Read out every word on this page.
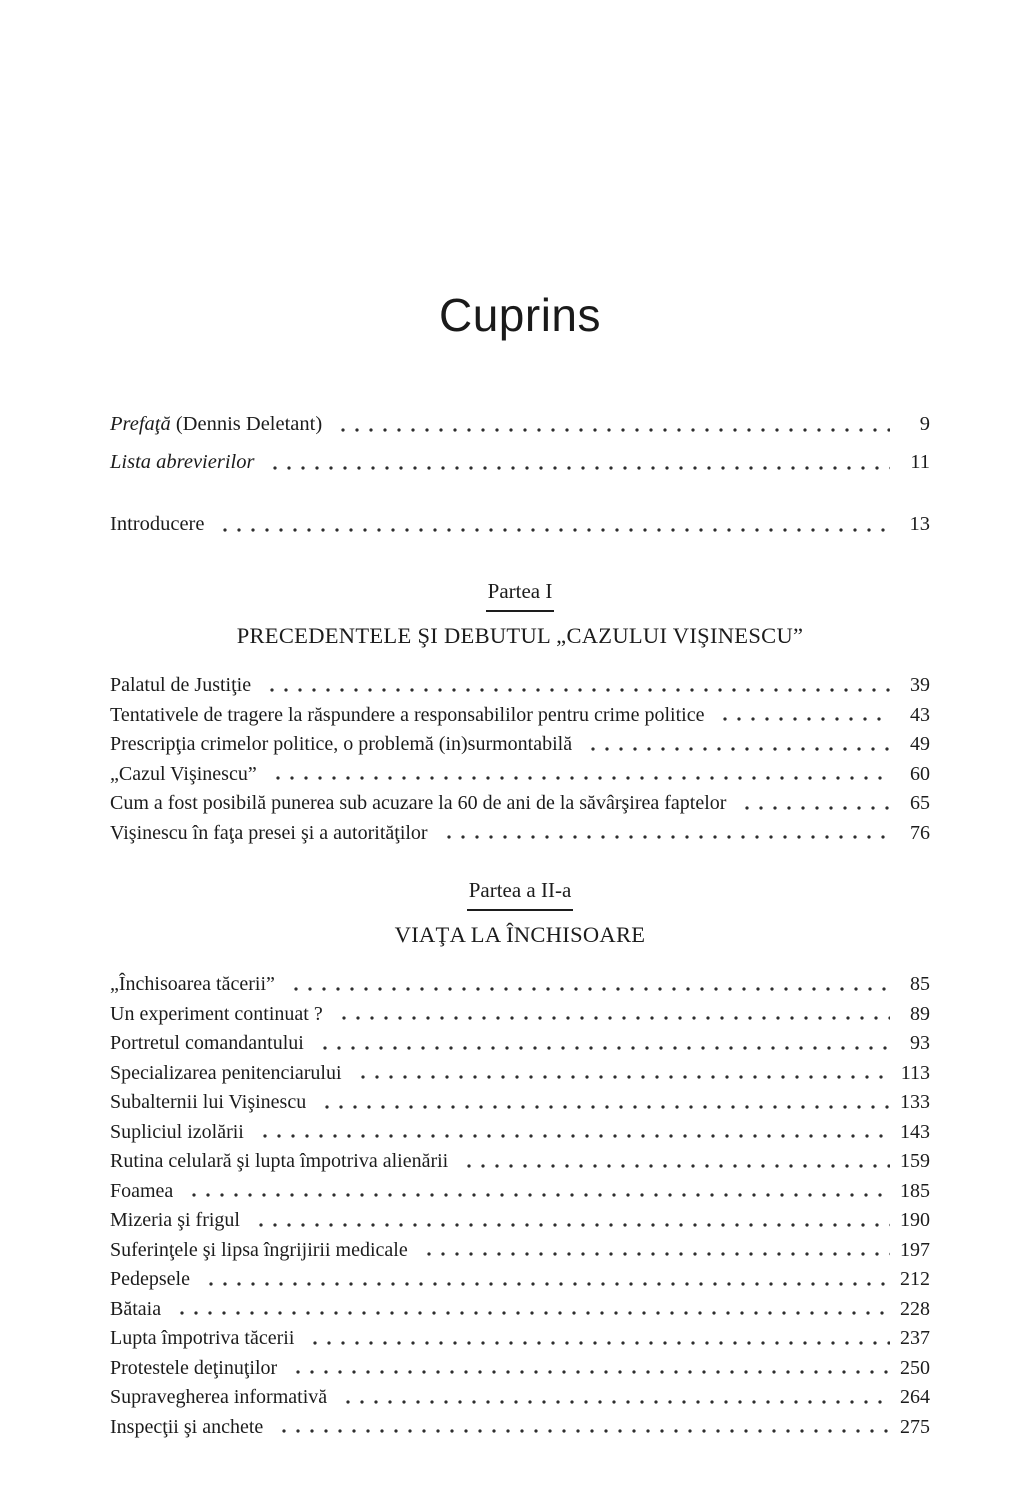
Cuprins
Prefaţă (Dennis Deletant)	9
Lista abrevierilor	11
Introducere	13
Partea I
PRECEDENTELE ŞI DEBUTUL „CAZULUI VIŞINESCU”
Palatul de Justiţie	39
Tentativele de tragere la răspundere a responsabililor pentru crime politice	43
Prescripţia crimelor politice, o problemă (in)surmontabilă	49
„Cazul Vişinescu”	60
Cum a fost posibilă punerea sub acuzare la 60 de ani de la săvârşirea faptelor	65
Vişinescu în faţa presei şi a autorităţilor	76
Partea a II-a
VIAŢA LA ÎNCHISOARE
„Închisoarea tăcerii”	85
Un experiment continuat ?	89
Portretul comandantului	93
Specializarea penitenciarului	113
Subalternii lui Vişinescu	133
Supliciul izolării	143
Rutina celulară şi lupta împotriva alienării	159
Foamea	185
Mizeria şi frigul	190
Suferinţele şi lipsa îngrijirii medicale	197
Pedepsele	212
Bătaia	228
Lupta împotriva tăcerii	237
Protestele deţinuţilor	250
Supravegherea informativă	264
Inspecţii şi anchete	275
